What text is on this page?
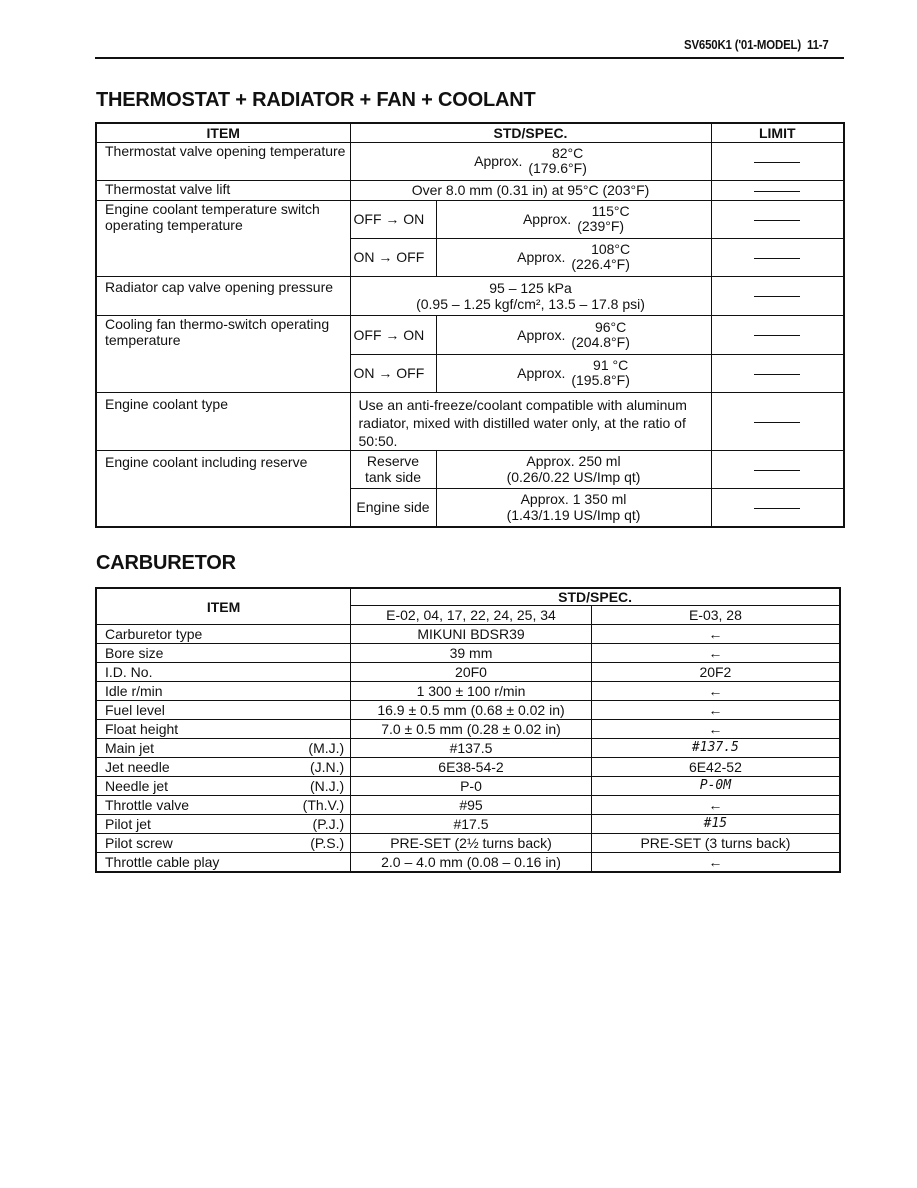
SV650K1 ('01-MODEL) 11-7
THERMOSTAT + RADIATOR + FAN + COOLANT
ITEM	STD/SPEC.		LIMIT
Thermostat valve opening temperature	Approx. 82°C
(179.6°F)		

Thermostat valve lift	Over 8.0 mm (0.31 in) at 95°C (203°F)		
Engine coolant temperature switch operating temperature	OFF → ON	Approx. 115°C
(239°F)	

	ON → OFF	Approx. 108°C
(226.4°F)	

Radiator cap valve opening pressure	95 – 125 kPa
(0.95 – 1.25 kgf/cm², 13.5 – 17.8 psi)		

Cooling fan thermo-switch operating temperature	OFF → ON	Approx. 96°C
(204.8°F)	

	ON → OFF	Approx. 91 °C
(195.8°F)	

Engine coolant type	Use an anti-freeze/coolant compatible with aluminum radiator, mixed with distilled water only, at the ratio of 50:50.		
Engine coolant including reserve	Reserve tank side	Approx. 250 ml
(0.26/0.22 US/Imp qt)	

	Engine side	Approx. 1 350 ml
(1.43/1.19 US/Imp qt)	

CARBURETOR
ITEM	STD/SPEC.	
	E-02, 04, 17, 22, 24, 25, 34	E-03, 28

Carburetor type	MIKUNI BDSR39	←

Bore size	39 mm	←

I.D. No.	20F0	20F2

Idle r/min	1 300 ± 100 r/min	←

Fuel level	16.9 ± 0.5 mm (0.68 ± 0.02 in)	←

Float height	7.0 ± 0.5 mm (0.28 ± 0.02 in)	←

Main jet (M.J.)	#137.5	#137.5

Jet needle (J.N.)	6E38-54-2	6E42-52

Needle jet (N.J.)	P-0	P-0M

Throttle valve (Th.V.)	#95	←

Pilot jet (P.J.)	#17.5	#15

Pilot screw (P.S.)	PRE-SET (2½ turns back)	PRE-SET (3 turns back)

Throttle cable play	2.0 – 4.0 mm (0.08 – 0.16 in)	←
